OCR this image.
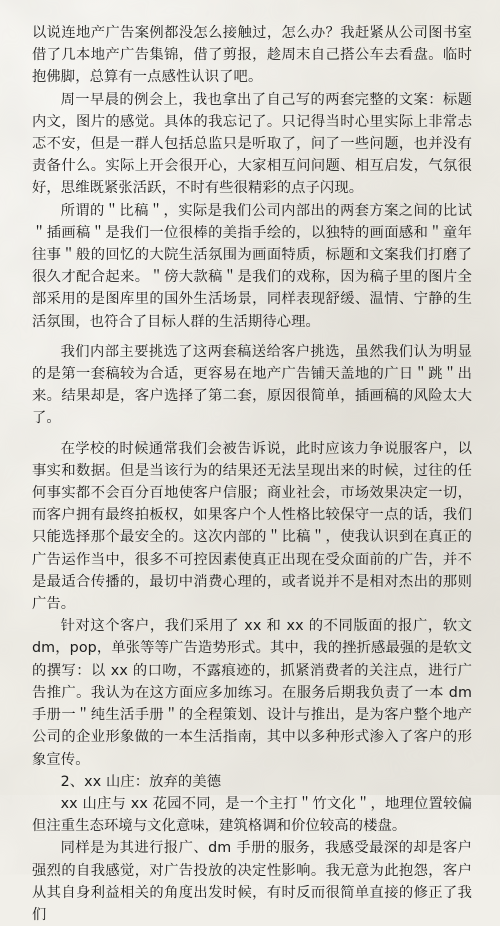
以说连地产广告案例都没怎么接触过，怎么办？我赶紧从公司图书室借了几本地产广告集锦，借了剪报，趁周末自己搭公车去看盘。临时抱佛脚，总算有一点感性认识了吧。

周一早晨的例会上，我也拿出了自己写的两套完整的文案：标题内文，图片的感觉。具体的我忘记了。只记得当时心里实际上非常忐忑不安，但是一群人包括总监只是听取了，问了一些问题，也并没有责备什么。实际上开会很开心，大家相互问问题、相互启发，气氛很好，思维既紧张活跃，不时有些很精彩的点子闪现。

所谓的＂比稿＂，实际是我们公司内部出的两套方案之间的比试＂插画稿＂是我们一位很棒的美指手绘的，以独特的画面感和＂童年往事＂般的回忆的大院生活氛围为画面特质，标题和文案我们打磨了很久才配合起来。＂傍大款稿＂是我们的戏称，因为稿子里的图片全部采用的是图库里的国外生活场景，同样表现舒缓、温情、宁静的生活氛围，也符合了目标人群的生活期待心理。

我们内部主要挑选了这两套稿送给客户挑选，虽然我们认为明显的是第一套稿较为合适，更容易在地产广告铺天盖地的广日＂跳＂出来。结果却是，客户选择了第二套，原因很简单，插画稿的风险太大了。

在学校的时候通常我们会被告诉说，此时应该力争说服客户，以事实和数据。但是当该行为的结果还无法呈现出来的时候，过往的任何事实都不会百分百地使客户信服；商业社会，市场效果决定一切，而客户拥有最终拍板权，如果客户个人性格比较保守一点的话，我们只能选择那个最安全的。这次内部的＂比稿＂，使我认识到在真正的广告运作当中，很多不可控因素使真正出现在受众面前的广告，并不是最适合传播的，最切中消费心理的，或者说并不是相对杰出的那则广告。

针对这个客户，我们采用了 xx 和 xx 的不同版面的报广，软文 dm，pop，单张等等广告造势形式。其中，我的挫折感最强的是软文的撰写：以 xx 的口吻，不露痕迹的，抓紧消费者的关注点，进行广告推广。我认为在这方面应多加练习。在服务后期我负责了一本 dm 手册一＂纯生活手册＂的全程策划、设计与推出，是为客户整个地产公司的企业形象做的一本生活指南，其中以多种形式渗入了客户的形象宣传。

2、xx 山庄：放弃的美德

xx 山庄与 xx 花园不同，是一个主打＂竹文化＂，地理位置较偏但注重生态环境与文化意味，建筑格调和价位较高的楼盘。

同样是为其进行报广、dm 手册的服务，我感受最深的却是客户强烈的自我感觉，对广告投放的决定性影响。我无意为此抱怨，客户从其自身利益相关的角度出发时候，有时反而很简单直接的修正了我们
